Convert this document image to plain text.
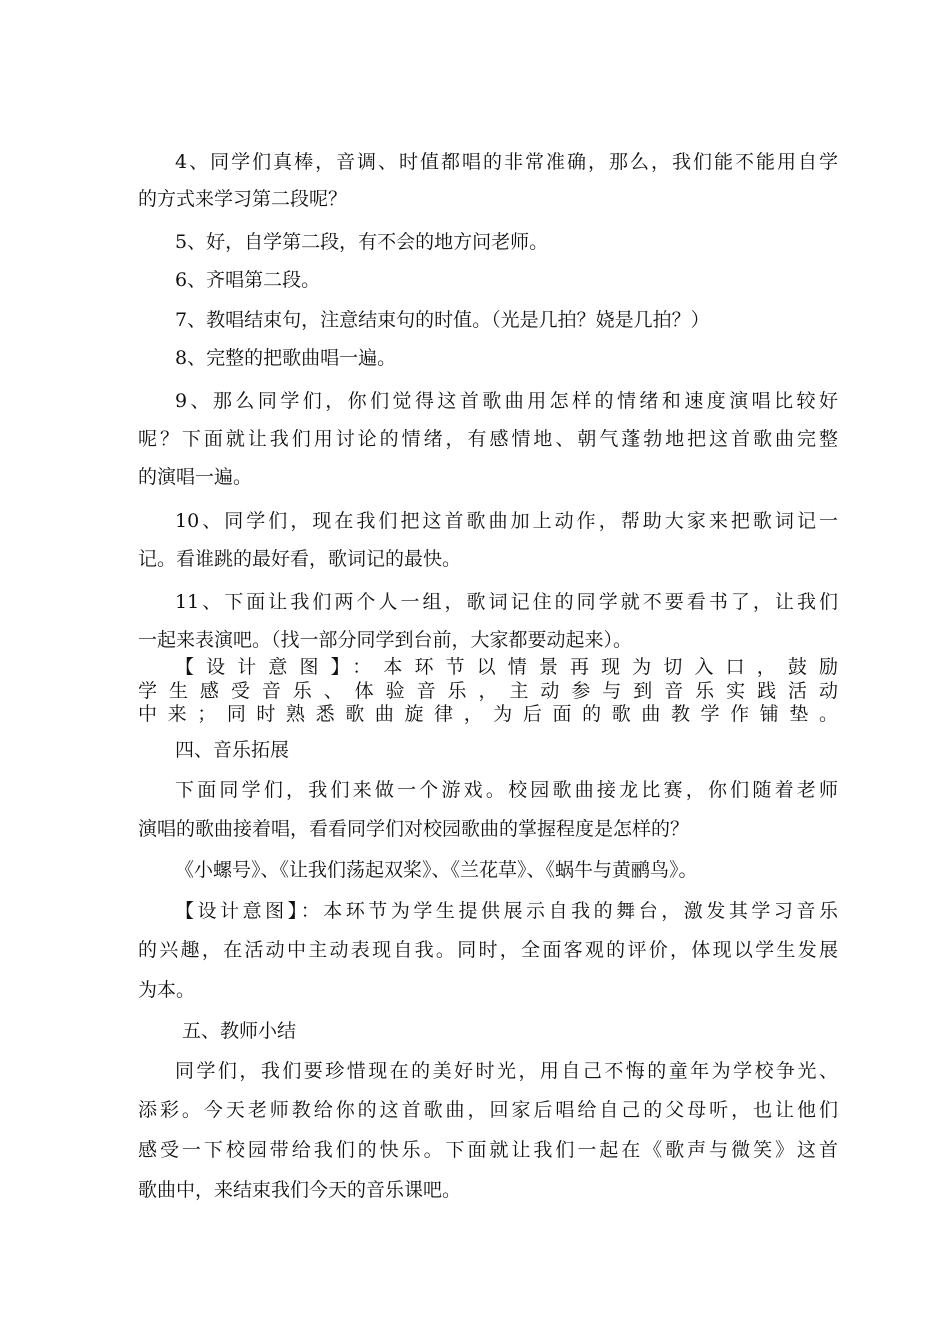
4、同学们真棒，音调、时值都唱的非常准确，那么，我们能不能用自学
的方式来学习第二段呢？
5、好，自学第二段，有不会的地方问老师。
6、齐唱第二段。
7、教唱结束句，注意结束句的时值。（光是几拍？娆是几拍？）
8、完整的把歌曲唱一遍。
9、那么同学们，你们觉得这首歌曲用怎样的情绪和速度演唱比较好
呢？下面就让我们用讨论的情绪，有感情地、朝气蓬勃地把这首歌曲完整
的演唱一遍。
10、同学们，现在我们把这首歌曲加上动作，帮助大家来把歌词记一
记。看谁跳的最好看，歌词记的最快。
11、下面让我们两个人一组，歌词记住的同学就不要看书了，让我们
一起来表演吧。（找一部分同学到台前，大家都要动起来）。
【设计意图】：本环节以情景再现为切入口，鼓励
学生感受音乐、体验音乐，主动参与到音乐实践活动
中来；同时熟悉歌曲旋律，为后面的歌曲教学作铺垫。
四、音乐拓展
下面同学们，我们来做一个游戏。校园歌曲接龙比赛，你们随着老师
演唱的歌曲接着唱，看看同学们对校园歌曲的掌握程度是怎样的？
《小螺号》、《让我们荡起双桨》、《兰花草》、《蜗牛与黄鹂鸟》。
【设计意图】：本环节为学生提供展示自我的舞台，激发其学习音乐
的兴趣，在活动中主动表现自我。同时，全面客观的评价，体现以学生发展
为本。
五、教师小结
同学们，我们要珍惜现在的美好时光，用自己不悔的童年为学校争光、
添彩。今天老师教给你的这首歌曲，回家后唱给自己的父母听，也让他们
感受一下校园带给我们的快乐。下面就让我们一起在《歌声与微笑》这首
歌曲中，来结束我们今天的音乐课吧。
